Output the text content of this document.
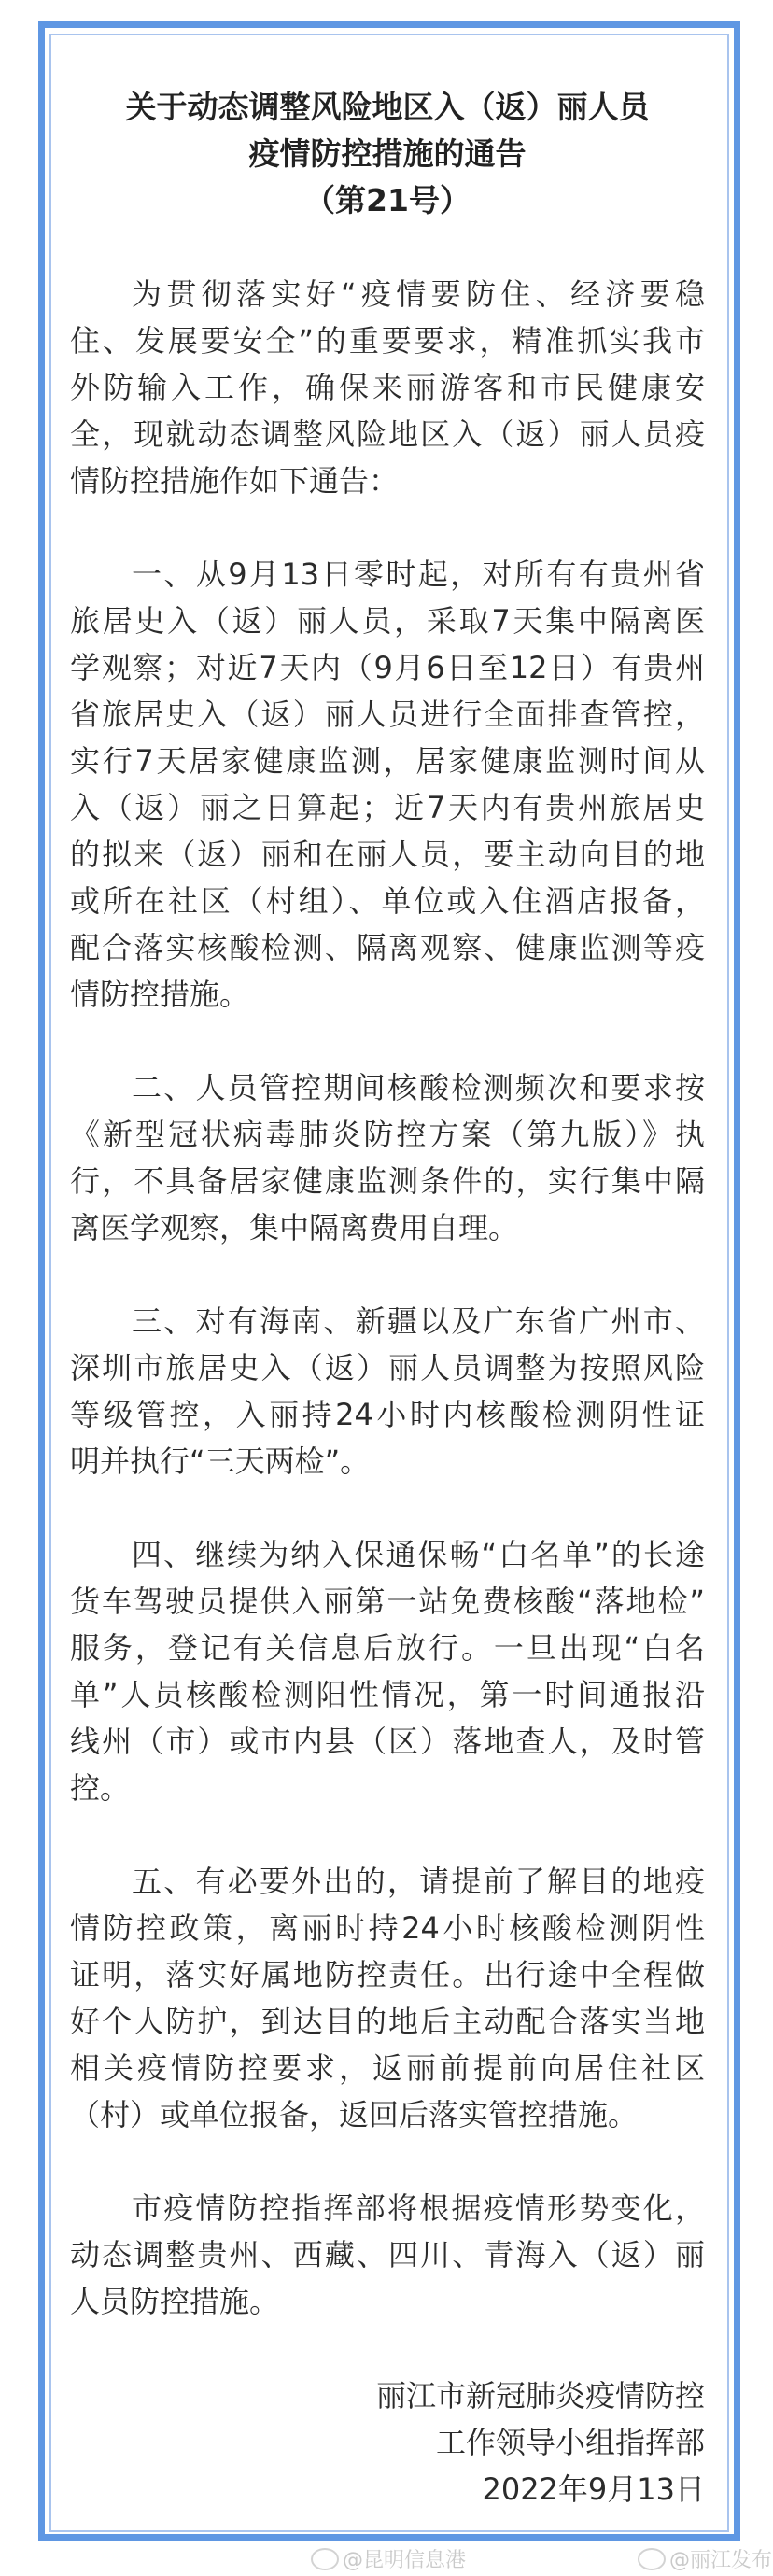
关于动态调整风险地区入（返）丽人员
疫情防控措施的通告
（第21号）
为贯彻落实好“疫情要防住、经济要稳
住、发展要安全”的重要要求，精准抓实我市
外防输入工作，确保来丽游客和市民健康安
全，现就动态调整风险地区入（返）丽人员疫
情防控措施作如下通告：
一、从9月13日零时起，对所有有贵州省
旅居史入（返）丽人员，采取7天集中隔离医
学观察；对近7天内（9月6日至12日）有贵州
省旅居史入（返）丽人员进行全面排查管控，
实行7天居家健康监测，居家健康监测时间从
入（返）丽之日算起；近7天内有贵州旅居史
的拟来（返）丽和在丽人员，要主动向目的地
或所在社区（村组）、单位或入住酒店报备，
配合落实核酸检测、隔离观察、健康监测等疫
情防控措施。
二、人员管控期间核酸检测频次和要求按
《新型冠状病毒肺炎防控方案（第九版）》执
行，不具备居家健康监测条件的，实行集中隔
离医学观察，集中隔离费用自理。
三、对有海南、新疆以及广东省广州市、
深圳市旅居史入（返）丽人员调整为按照风险
等级管控，入丽持24小时内核酸检测阴性证
明并执行“三天两检”。
四、继续为纳入保通保畅“白名单”的长途
货车驾驶员提供入丽第一站免费核酸“落地检”
服务，登记有关信息后放行。一旦出现“白名
单”人员核酸检测阳性情况，第一时间通报沿
线州（市）或市内县（区）落地查人，及时管
控。
五、有必要外出的，请提前了解目的地疫
情防控政策，离丽时持24小时核酸检测阴性
证明，落实好属地防控责任。出行途中全程做
好个人防护，到达目的地后主动配合落实当地
相关疫情防控要求，返丽前提前向居住社区
（村）或单位报备，返回后落实管控措施。
市疫情防控指挥部将根据疫情形势变化，
动态调整贵州、西藏、四川、青海入（返）丽
人员防控措施。
丽江市新冠肺炎疫情防控
工作领导小组指挥部
2022年9月13日
@昆明信息港	@丽江发布
